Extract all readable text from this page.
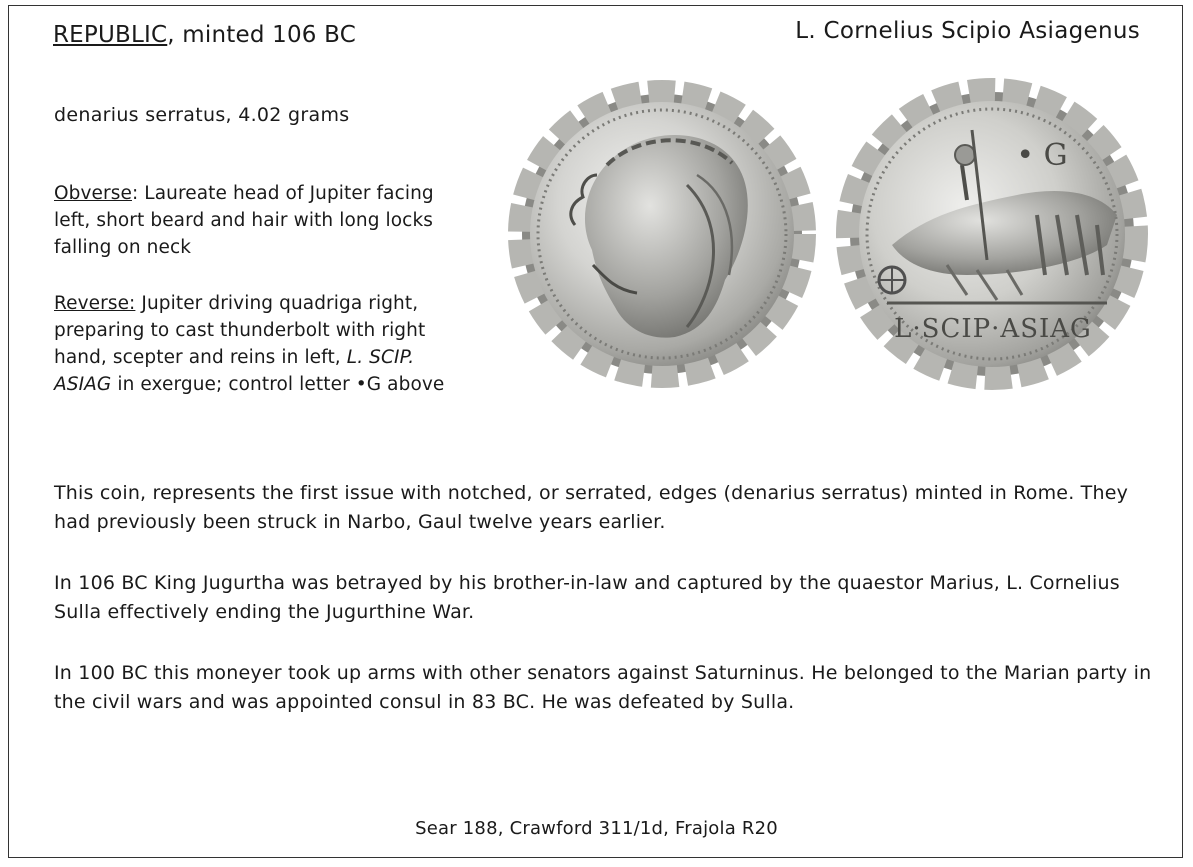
REPUBLIC, minted 106 BC	L. Cornelius Scipio Asiagenus
denarius serratus, 4.02 grams
Obverse: Laureate head of Jupiter facing left, short beard and hair with long locks falling on neck
Reverse: Jupiter driving quadriga right, preparing to cast thunderbolt with right hand, scepter and reins in left, L. SCIP. ASIAG in exergue; control letter •G above
L·SCIP·ASIAG
• G
This coin, represents the first issue with notched, or serrated, edges (denarius serratus) minted in Rome. They had previously been struck in Narbo, Gaul twelve years earlier.
In 106 BC King Jugurtha was betrayed by his brother-in-law and captured by the quaestor Marius, L. Cornelius Sulla effectively ending the Jugurthine War.
In 100 BC this moneyer took up arms with other senators against Saturninus. He belonged to the Marian party in the civil wars and was appointed consul in 83 BC. He was defeated by Sulla.
Sear 188, Crawford 311/1d, Frajola R20
